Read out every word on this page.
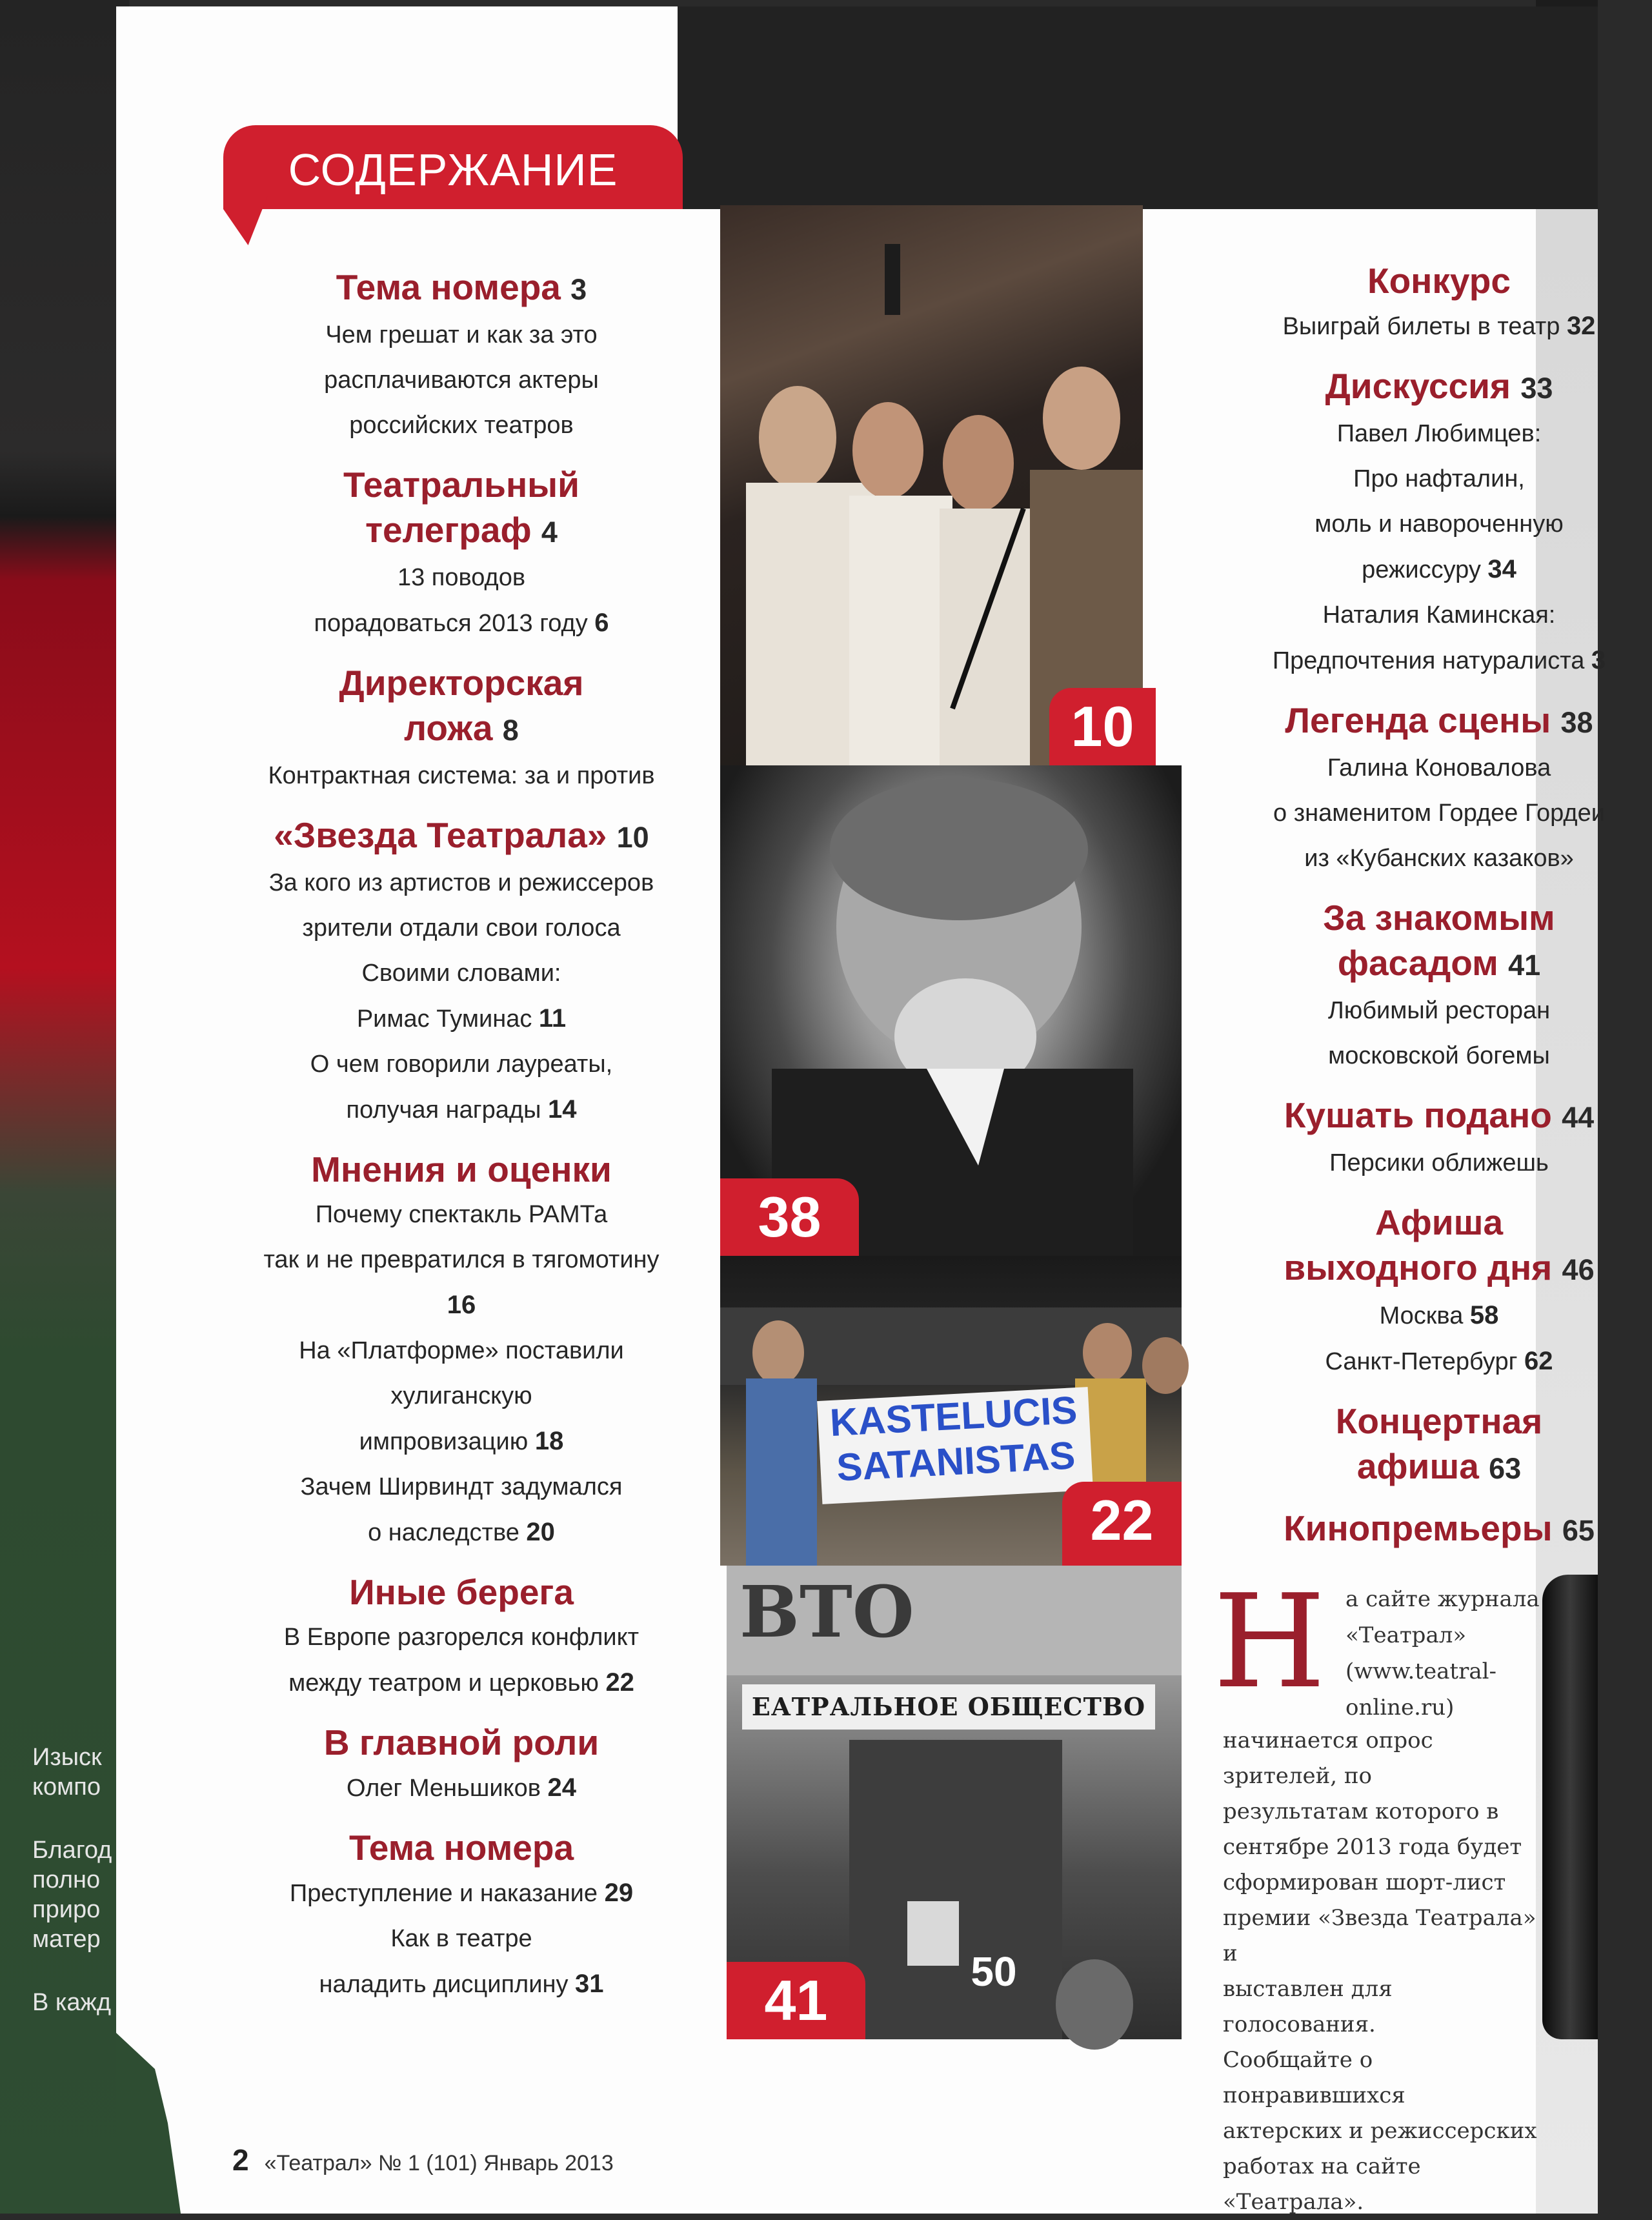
Изыск
компо

Благод
полно
приро
матер

В кажд

СОДЕРЖАНИЕ
Тема номера 3
Чем грешат и как за это
расплачиваются актеры
российских театров
Театральный
телеграф 4
13 поводов
порадоваться 2013 году 6
Директорская
ложа 8
Контрактная система: за и против
«Звезда Театрала» 10
За кого из артистов и режиссеров
зрители отдали свои голоса
Своими словами:
Римас Туминас 11
О чем говорили лауреаты,
получая награды 14
Мнения и оценки
Почему спектакль РАМТа
так и не превратился в тягомотину
16
На «Платформе» поставили
хулиганскую
импровизацию 18
Зачем Ширвиндт задумался
о наследстве 20
Иные берега
В Европе разгорелся конфликт
между театром и церковью 22
В главной роли
Олег Меньшиков 24
Тема номера
Преступление и наказание 29
Как в театре
наладить дисциплину 31
Конкурс
Выиграй билеты в театр 32
Дискуссия 33
Павел Любимцев:
Про нафталин,
моль и навороченную
режиссуру 34
Наталия Каминская:
Предпочтения натуралиста 3
Легенда сцены 38
Галина Коновалова
о знаменитом Гордее Гордеи
из «Кубанских казаков»
За знакомым
фасадом 41
Любимый ресторан
московской богемы
Кушать подано 44
Персики оближешь
Афиша
выходного дня 46
Москва 58
Санкт-Петербург 62
Концертная
афиша 63
Кинопремьеры 65
10
38
KASTELUCIS
SATANISTAS
22
ВТО
ЕАТРАЛЬНОЕ ОБЩЕСТВО
50
41
Н а сайте журнала
«Театрал»
(www.teatral-
online.ru)
начинается опрос зрителей, по
результатам которого в
сентябре 2013 года будет
сформирован шорт-лист
премии «Звезда Театрала» и
выставлен для голосования.
Сообщайте о понравившихся
актерских и режиссерских
работах на сайте «Театрала».
2 «Театрал» № 1 (101) Январь 2013
